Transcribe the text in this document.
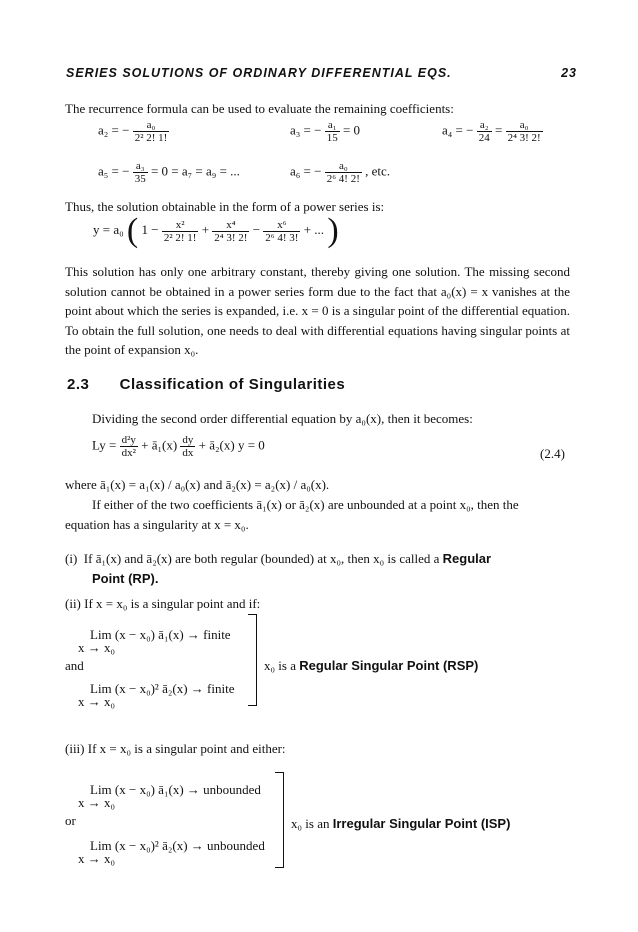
SERIES SOLUTIONS OF ORDINARY DIFFERENTIAL EQS.	23
The recurrence formula can be used to evaluate the remaining coefficients:
a₂ = − $\frac{\text{a₀}}{\text{2² 2! 1!}}$	a₃ = − $\frac{\text{a₁}}{15} = 0$	a₄ = − $\frac{\text{a₂}}{24} = \frac{\text{a₀}}{\text{2⁴ 3! 2!}}$
a₅ = − $\frac{\text{a₃}}{35} = 0 = a_7 = a_9$ = ...	a₆ = − $\frac{\text{a₀}}{\text{2⁶ 4! 2!}}$ , etc.
Thus, the solution obtainable in the form of a power series is:
y = a₀ ( $1 - \frac{\text{x²}}{\text{2² 2! 1!}} + \frac{\text{x⁴}}{\text{2⁴ 3! 2!}} - \frac{\text{x⁶}}{\text{2⁶ 4! 3!}}$ + ... )
This solution has only one arbitrary constant, thereby giving one solution. The missing second solution cannot be obtained in a power series form due to the fact that a₀(x) = x vanishes at the point about which the series is expanded, i.e. x = 0 is a singular point of the differential equation. To obtain the full solution, one needs to deal with differential equations having singular points at the point of expansion x₀.
2.3 Classification of Singularities
Dividing the second order differential equation by a₀(x), then it becomes:
$Ly = \frac{\text{d²y}}{\text{dx²}}$ + ā₁(x) $\frac{dy}{dx}$ + ā₂(x) y = 0
(2.4)
where ā₁(x) = a₁(x) / a₀(x) and ā₂(x) = a₂(x) / a₀(x).
If either of the two coefficients ā₁(x) or ā₂(x) are unbounded at a point x₀, then the
equation has a singularity at x = x₀.
(i) If ā₁(x) and ā₂(x) are both regular (bounded) at x₀, then x₀ is called a Regular
Point (RP).
(ii) If x = x₀ is a singular point and if:
Lim (x − x₀) ā₁(x) → finite
x → x₀
and
Lim (x − x₀)² ā₂(x) → finite
x → x₀
x₀ is a Regular Singular Point (RSP)
(iii) If x = x₀ is a singular point and either:
Lim (x − x₀) ā₁(x) → unbounded
x → x₀
or
Lim (x − x₀)² ā₂(x) → unbounded
x → x₀
x₀ is an Irregular Singular Point (ISP)
